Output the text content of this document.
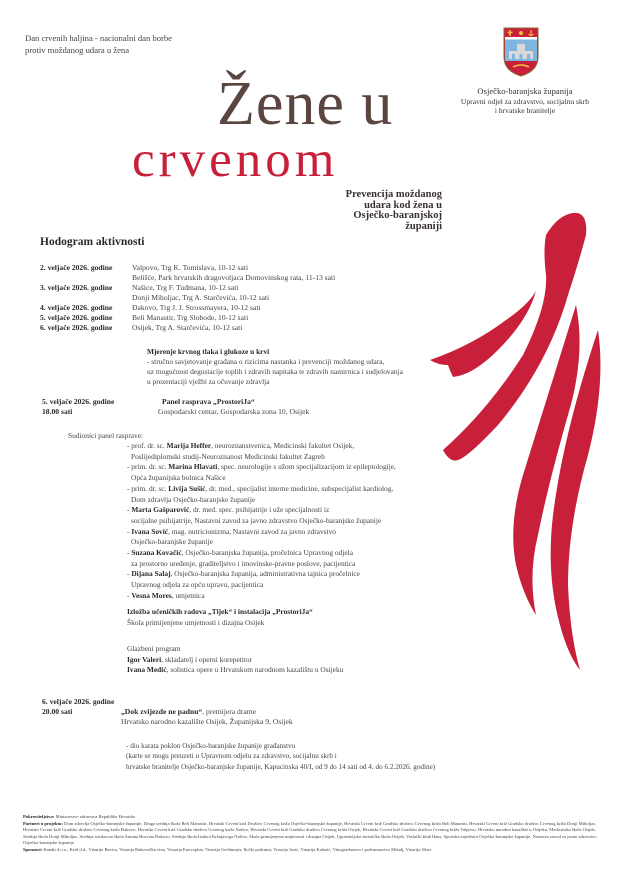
Dan crvenih haljina - nacionalni dan borbe
protiv moždanog udara u žena
Osječko-baranjska županija
Upravni odjel za zdravstvo, socijalnu skrb
i hrvatske branitelje
Žene u
crvenom
Prevencija moždanog
udara kod žena u
Osječko-baranjskoj
županiji
Hodogram aktivnosti
2. veljače 2026. godine	Valpovo, Trg K. Tomislava, 10-12 sati
Belišće, Park hrvatskih dragovoljaca Domovinskog rata, 11-13 sati
3. veljače 2026. godine	Našice, Trg F. Tuđmana, 10-12 sati
Donji Miholjac, Trg A. Starčevića, 10-12 sati
4. veljače 2026. godine	Đakovo, Trg J. J. Strossmayera, 10-12 sati
5. veljače 2026. godine	Beli Manastir, Trg Slobode, 10-12 sati
6. veljače 2026. godine	Osijek, Trg A. Starčevića, 10-12 sati
Mjerenje krvnog tlaka i glukoze u krvi
- stručno savjetovanje građana o rizicima nastanka i prevenciji moždanog udara,
uz mogućnost degustacije toplih i zdravih napitaka te zdravih namirnica i sudjelovanja
u prezentaciji vježbi za očuvanje zdravlja
5. veljače 2026. godine
18.00 sati
Panel rasprava „ProstoriJa“
Gospodarski centar, Gospodarska zona 10, Osijek
Sudionici panel rasprave:
- prof. dr. sc. Marija Heffer, neuroznanstvenica, Medicinski fakultet Osijek,
Poslijediplomski studij-Neuroznanost Medicinski fakultet Zagreb
- prim. dr. sc. Marina Hlavati, spec. neurologije s užom specijalizacijom iz epileptologije,
Opća županijska bolnica Našice
- prim. dr. sc. Livija Sušić, dr. med., specijalist interne medicine, subspecijalist kardiolog,
Dom zdravlja Osječko-baranjske županije
- Marta Gašparović, dr. med. spec. psihijatrije i uže specijalnosti iz
socijalne psihijatrije, Nastavni zavod za javno zdravstvo Osječko-baranjske županije
- Ivana Sović, mag. nutricionizma, Nastavni zavod za javno zdravstvo
Osječko-baranjske županije
- Suzana Kovačić, Osječko-baranjska županija, pročelnica Upravnog odjela
za prostorno uređenje, graditeljstvo i imovinske-pravne poslove, pacijentica
- Dijana Salaj, Osječko-baranjska županija, administrativna tajnica pročelnice
Upravnog odjela za opću upravu, pacijentica
- Vesna Mores, umjetnica
Izložba učeničkih radova „Tijek“ i instalacija „ProstoriJa“
Škola primijenjene umjetnosti i dizajna Osijek
Glazbeni program
Igor Valeri, skladatelj i operni korepetitor
Ivana Medić, solistica opere u Hrvatskom narodnom kazalištu u Osijeku
6. veljače 2026. godine
20.00 sati	„Dok zvijezde ne padnu“, premijera drame
Hrvatsko narodno kazalište Osijek, Županijska 9, Osijek
- dio karata poklon Osječko-baranjske županije građanstvu
(karte se mogu preuzeti u Upravnom odjelu za zdravstvo, socijalnu skrb i
hrvatske branitelje Osječko-baranjske županije, Kapucinska 40/I, od 9 do 14 sati od 4. do 6.2.2026. godine)
Pokroviteljstvo: Ministarstvo zdravstva Republike Hrvatske
Partneri u projektu: Dom zdravlja Osječko-baranjske županije, Druga srednja škola Beli Manastir, Hrvatski Crveni križ Društvo Crvenog križa Osječko-baranjske županije, Hrvatski Crveni križ Gradsko društvo Crvenog križa Beli Manastir, Hrvatski Crveni križ Gradsko društvo Crvenog križa Donji Miholjac, Hrvatski Crveni križ Gradsko društvo Crvenog križa Đakovo, Hrvatski Crveni križ Gradsko društvo Crvenog križa Našice, Hrvatski Crveni križ Gradsko društvo Crvenog križa Osijek, Hrvatski Crveni križ Gradsko društvo Crvenog križa Valpovo, Hrvatsko narodno kazalište u Osijeku, Medicinska škola Osijek, Srednja škola Donji Miholjac, Srednja strukovna škola Antuna Horvata Đakovo, Srednja škola Isidora Kršnjavoga Našice, Škola primijenjene umjetnosti i dizajna Osijek, Ugostiteljsko-turistička škola Osijek, Veslački klub Iktus, Sportska zajednica Osječko-baranjske županije, Nastavni zavod za javno zdravstvo Osječko-baranjske županije
Sponzori: Kandit d.o.o., Kraš d.d., Vinarija Bezica, Vinarija Đakovačka vina, Vinarija Enovophia, Vinarija Gerštmajer, Iločki podrumi, Vinarija Josić, Vinarija Kalazić, Vinogradarstvo i podrumarstvo Mihalj, Vinarija Siber
